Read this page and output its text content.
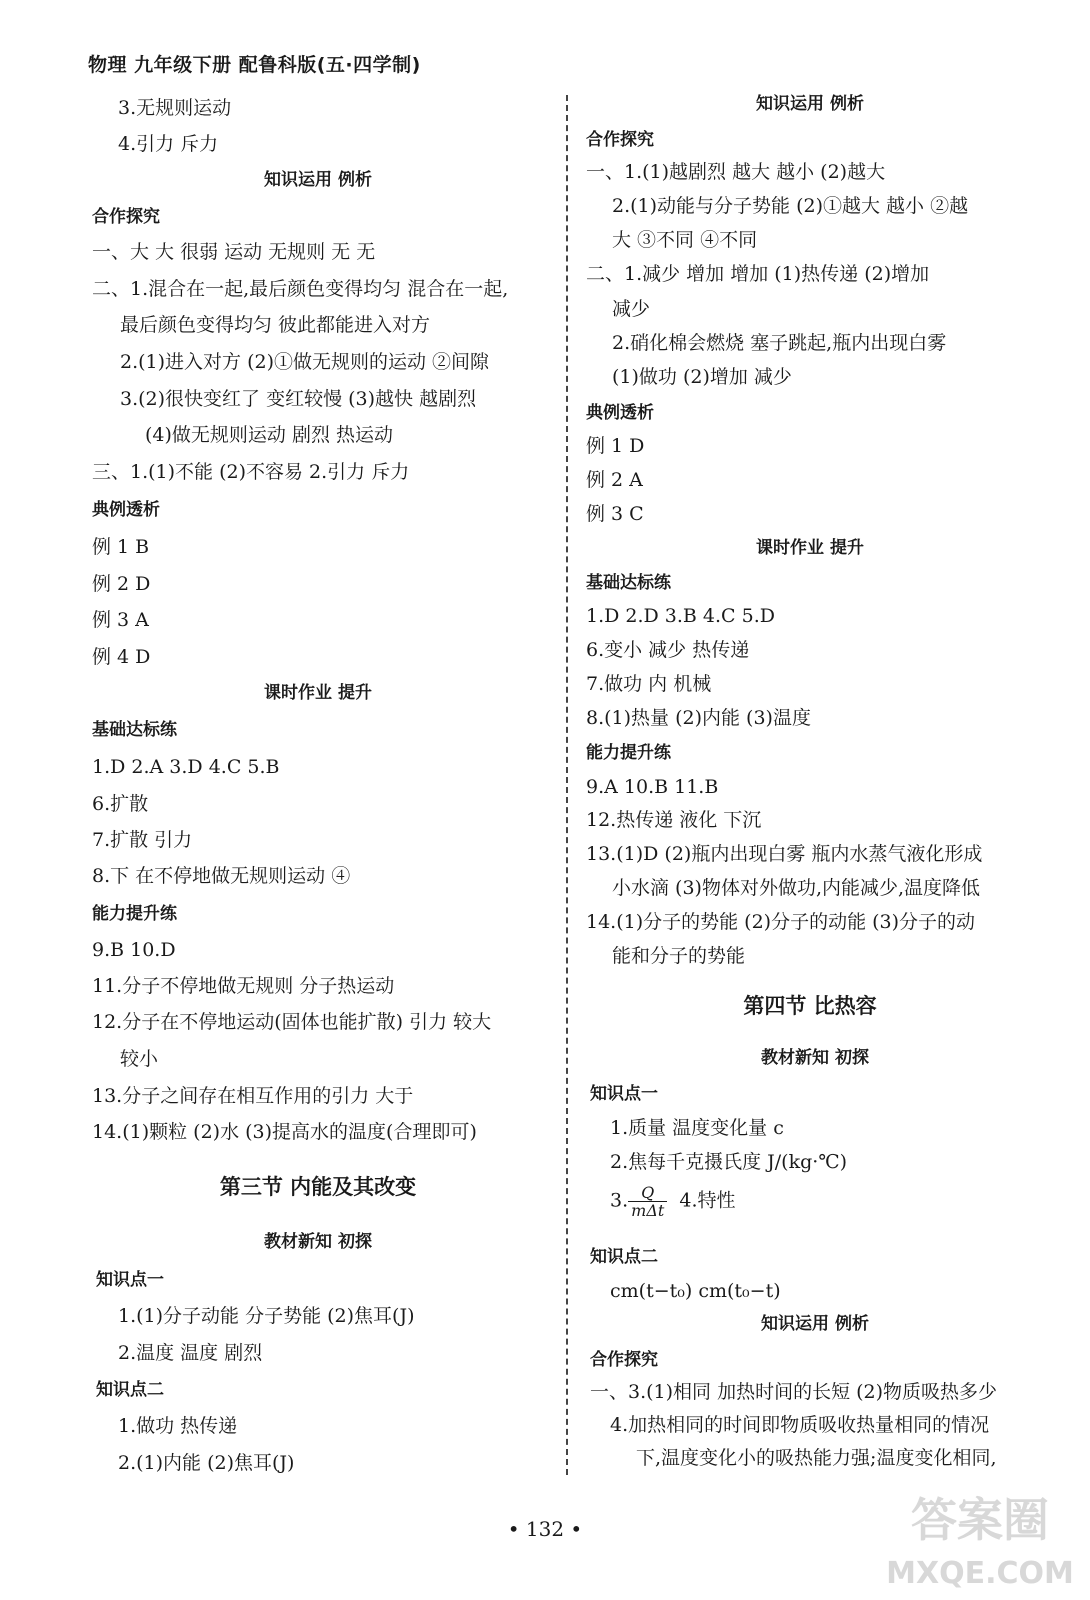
物理 九年级下册 配鲁科版(五·四学制)
3.无规则运动
4.引力 斥力
知识运用 例析
合作探究
一、大 大 很弱 运动 无规则 无 无
二、1.混合在一起,最后颜色变得均匀 混合在一起,
最后颜色变得均匀 彼此都能进入对方
2.(1)进入对方 (2)①做无规则的运动 ②间隙
3.(2)很快变红了 变红较慢 (3)越快 越剧烈
(4)做无规则运动 剧烈 热运动
三、1.(1)不能 (2)不容易 2.引力 斥力
典例透析
例 1 B
例 2 D
例 3 A
例 4 D
课时作业 提升
基础达标练
1.D 2.A 3.D 4.C 5.B
6.扩散
7.扩散 引力
8.下 在不停地做无规则运动 ④
能力提升练
9.B 10.D
11.分子不停地做无规则 分子热运动
12.分子在不停地运动(固体也能扩散) 引力 较大
较小
13.分子之间存在相互作用的引力 大于
14.(1)颗粒 (2)水 (3)提高水的温度(合理即可)
第三节 内能及其改变
教材新知 初探
知识点一
1.(1)分子动能 分子势能 (2)焦耳(J)
2.温度 温度 剧烈
知识点二
1.做功 热传递
2.(1)内能 (2)焦耳(J)
知识运用 例析
合作探究
一、1.(1)越剧烈 越大 越小 (2)越大
2.(1)动能与分子势能 (2)①越大 越小 ②越
大 ③不同 ④不同
二、1.减少 增加 增加 (1)热传递 (2)增加
减少
2.硝化棉会燃烧 塞子跳起,瓶内出现白雾
(1)做功 (2)增加 减少
典例透析
例 1 D
例 2 A
例 3 C
课时作业 提升
基础达标练
1.D 2.D 3.B 4.C 5.D
6.变小 减少 热传递
7.做功 内 机械
8.(1)热量 (2)内能 (3)温度
能力提升练
9.A 10.B 11.B
12.热传递 液化 下沉
13.(1)D (2)瓶内出现白雾 瓶内水蒸气液化形成
小水滴 (3)物体对外做功,内能减少,温度降低
14.(1)分子的势能 (2)分子的动能 (3)分子的动
能和分子的势能
第四节 比热容
教材新知 初探
知识点一
1.质量 温度变化量 c
2.焦每千克摄氏度 J/(kg·℃)
知识点二
cm(t−t₀) cm(t₀−t)
知识运用 例析
合作探究
一、3.(1)相同 加热时间的长短 (2)物质吸热多少
4.加热相同的时间即物质吸收热量相同的情况
下,温度变化小的吸热能力强;温度变化相同,
3. $\frac{Q}{\text{mΔt}} 4$.特性
• 132 •	答案圈
MXQE.COM
